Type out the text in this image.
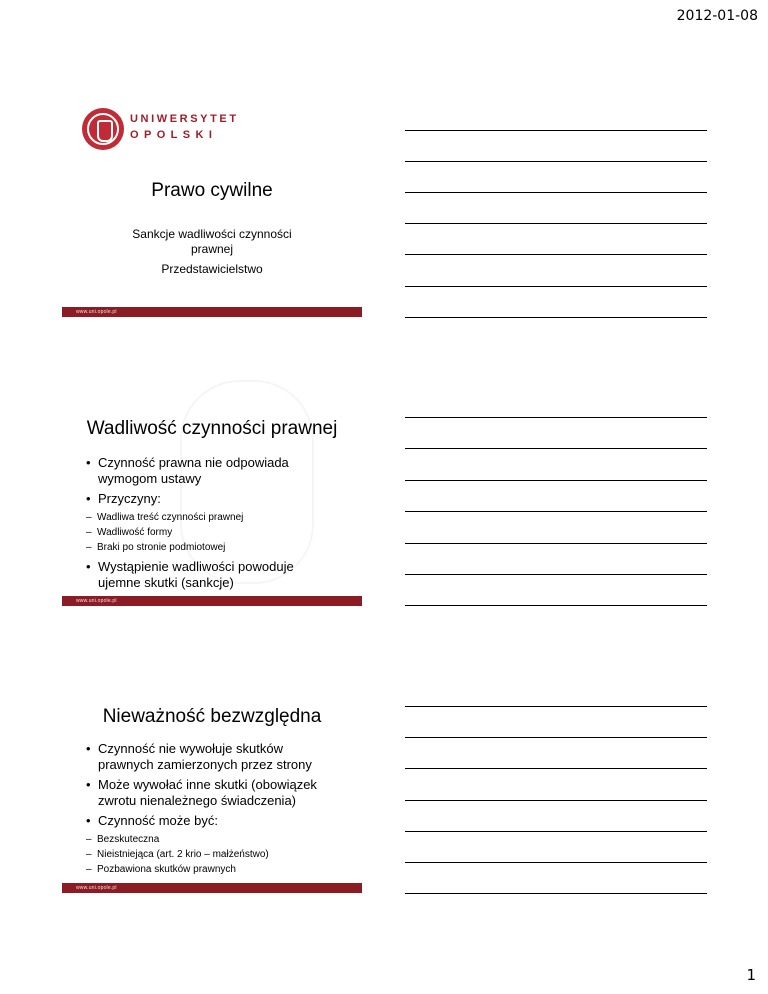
2012-01-08
UNIWERSYTET
OPOLSKI
Prawo cywilne
Sankcje wadliwości czynności prawnej
Przedstawicielstwo
www.uni.opole.pl
Wadliwość czynności prawnej
• Czynność prawna nie odpowiada wymogom ustawy
• Przyczyny:
– Wadliwa treść czynności prawnej
– Wadliwość formy
– Braki po stronie podmiotowej
• Wystąpienie wadliwości powoduje ujemne skutki (sankcje)
www.uni.opole.pl
Nieważność bezwzględna
• Czynność nie wywołuje skutków prawnych zamierzonych przez strony
• Może wywołać inne skutki (obowiązek zwrotu nienależnego świadczenia)
• Czynność może być:
– Bezskuteczna
– Nieistniejąca (art. 2 krio – małżeństwo)
– Pozbawiona skutków prawnych
www.uni.opole.pl
1
